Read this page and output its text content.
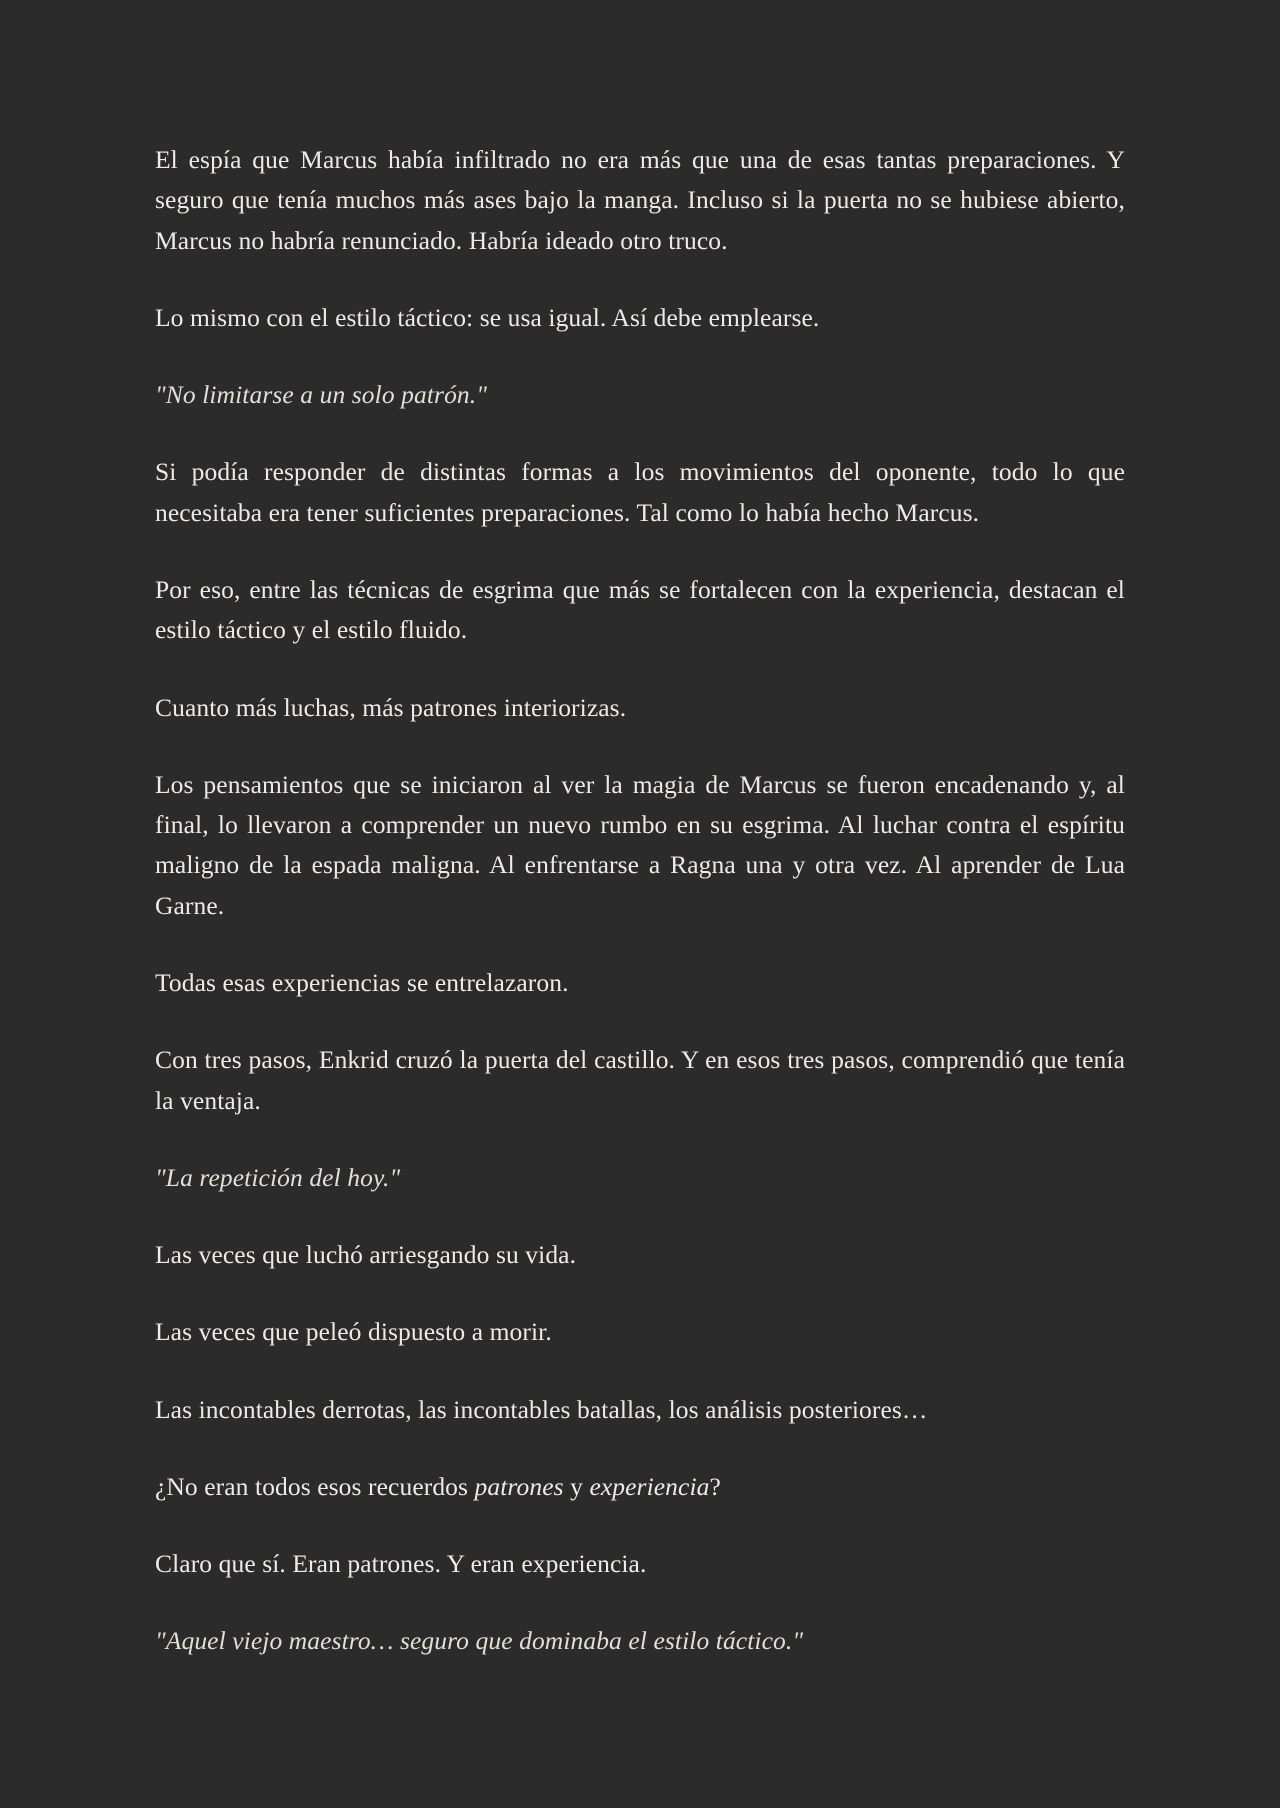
El espía que Marcus había infiltrado no era más que una de esas tantas preparaciones. Y seguro que tenía muchos más ases bajo la manga. Incluso si la puerta no se hubiese abierto, Marcus no habría renunciado. Habría ideado otro truco.

Lo mismo con el estilo táctico: se usa igual. Así debe emplearse.

"No limitarse a un solo patrón."

Si podía responder de distintas formas a los movimientos del oponente, todo lo que necesitaba era tener suficientes preparaciones. Tal como lo había hecho Marcus.

Por eso, entre las técnicas de esgrima que más se fortalecen con la experiencia, destacan el estilo táctico y el estilo fluido.

Cuanto más luchas, más patrones interiorizas.

Los pensamientos que se iniciaron al ver la magia de Marcus se fueron encadenando y, al final, lo llevaron a comprender un nuevo rumbo en su esgrima. Al luchar contra el espíritu maligno de la espada maligna. Al enfrentarse a Ragna una y otra vez. Al aprender de Lua Garne.

Todas esas experiencias se entrelazaron.

Con tres pasos, Enkrid cruzó la puerta del castillo. Y en esos tres pasos, comprendió que tenía la ventaja.

"La repetición del hoy."

Las veces que luchó arriesgando su vida.

Las veces que peleó dispuesto a morir.

Las incontables derrotas, las incontables batallas, los análisis posteriores…

¿No eran todos esos recuerdos patrones y experiencia?

Claro que sí. Eran patrones. Y eran experiencia.

"Aquel viejo maestro… seguro que dominaba el estilo táctico."
